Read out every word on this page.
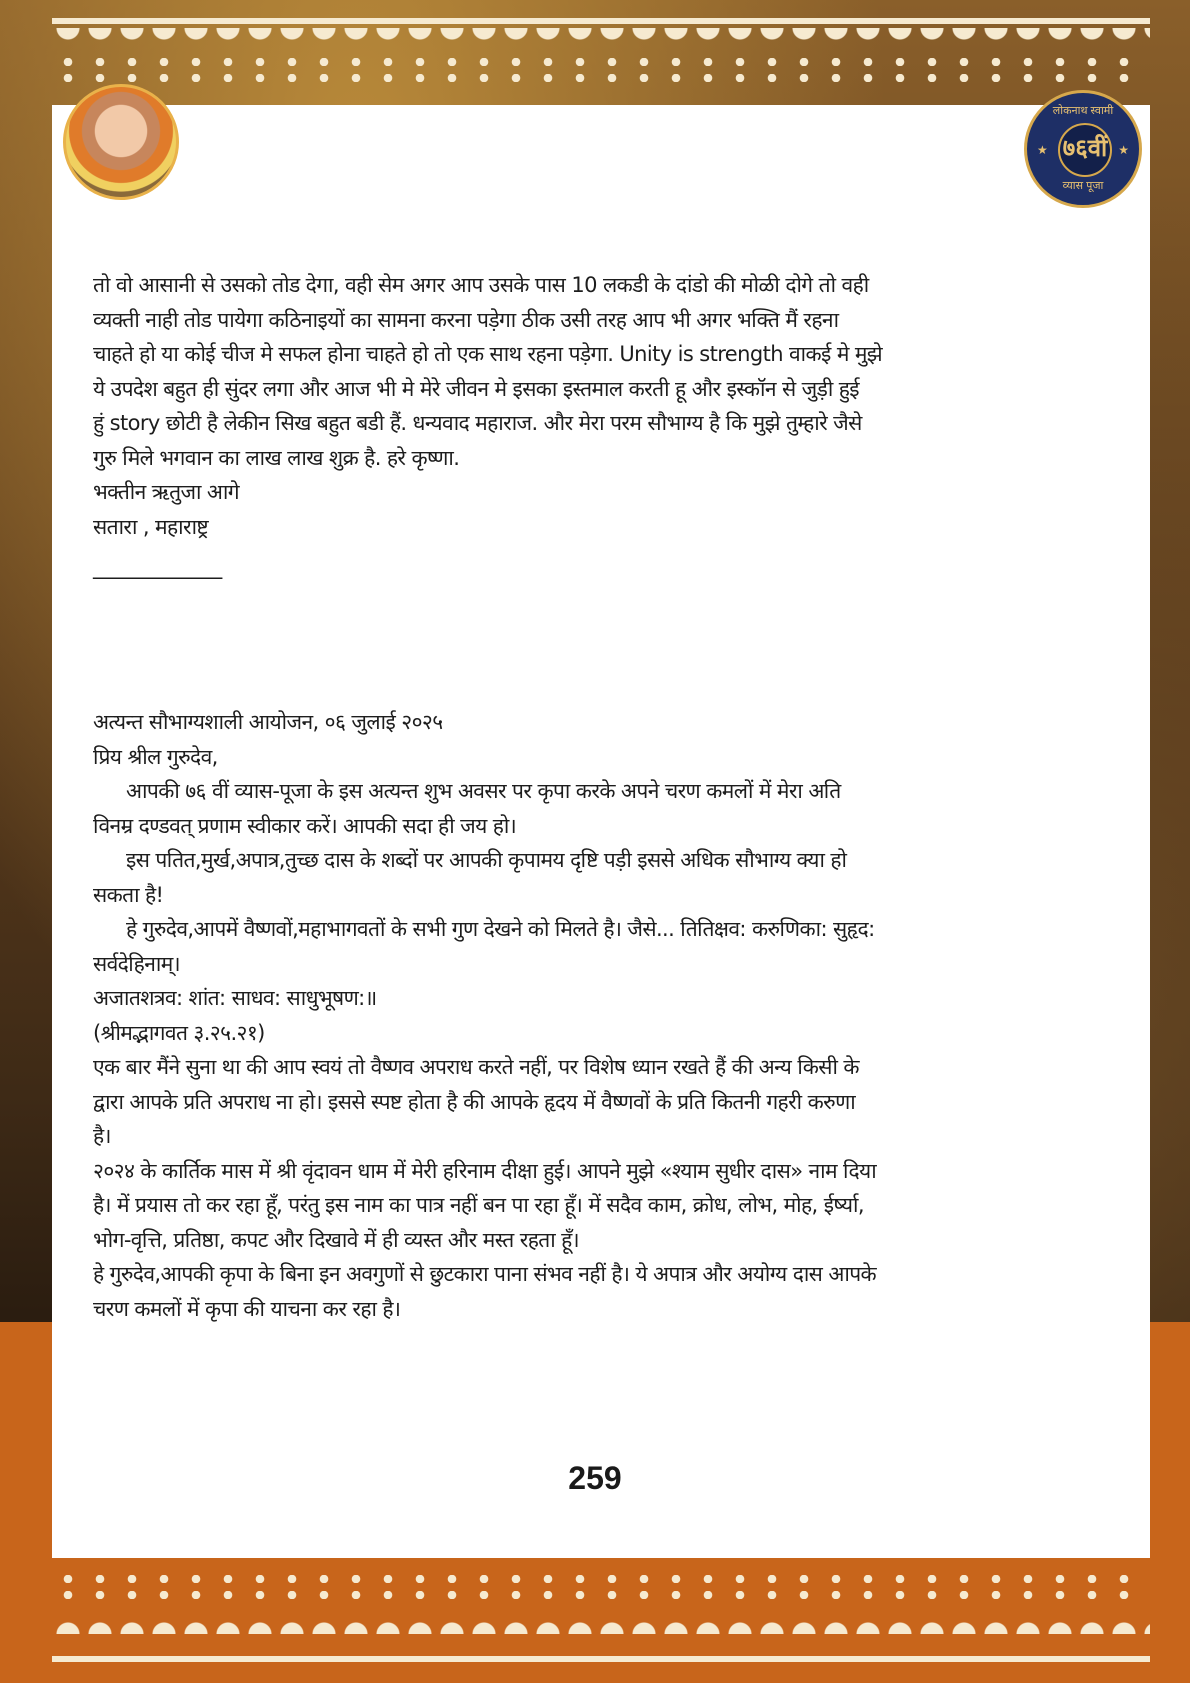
लोकनाथ स्वामी
★ ७६वीं ★
व्यास पूजा
तो वो आसानी से उसको तोड देगा, वही सेम अगर आप उसके पास 10 लकडी के दांडो की मोळी दोगे तो वही
व्यक्ती नाही तोड पायेगा कठिनाइयों का सामना करना पड़ेगा ठीक उसी तरह आप भी अगर भक्ति मैं रहना
चाहते हो या कोई चीज मे सफल होना चाहते हो तो एक साथ रहना पड़ेगा. Unity is strength वाकई मे मुझे
ये उपदेश बहुत ही सुंदर लगा और आज भी मे मेरे जीवन मे इसका इस्तमाल करती हू और इस्कॉन से जुड़ी हुई
हुं story छोटी है लेकीन सिख बहुत बडी हैं. धन्यवाद महाराज. और मेरा परम सौभाग्य है कि मुझे तुम्हारे जैसे
गुरु मिले भगवान का लाख लाख शुक्र है. हरे कृष्णा.
भक्तीन ऋतुजा आगे
सतारा , महाराष्ट्र
_____________
अत्यन्त सौभाग्यशाली आयोजन, ०६ जुलाई २०२५
प्रिय श्रील गुरुदेव,
आपकी ७६ वीं व्यास-पूजा के इस अत्यन्त शुभ अवसर पर कृपा करके अपने चरण कमलों में मेरा अति
विनम्र दण्डवत् प्रणाम स्वीकार करें। आपकी सदा ही जय हो।
इस पतित,मुर्ख,अपात्र,तुच्छ दास के शब्दों पर आपकी कृपामय दृष्टि पड़ी इससे अधिक सौभाग्य क्या हो
सकता है!
हे गुरुदेव,आपमें वैष्णवों,महाभागवतों के सभी गुण देखने को मिलते है। जैसे... तितिक्षव: करुणिका: सुहृद:
सर्वदेहिनाम्।
अजातशत्रव: शांत: साधव: साधुभूषण:॥
(श्रीमद्भागवत ३.२५.२१)
एक बार मैंने सुना था की आप स्वयं तो वैष्णव अपराध करते नहीं, पर विशेष ध्यान रखते हैं की अन्य किसी के
द्वारा आपके प्रति अपराध ना हो। इससे स्पष्ट होता है की आपके हृदय में वैष्णवों के प्रति कितनी गहरी करुणा
है।
२०२४ के कार्तिक मास में श्री वृंदावन धाम में मेरी हरिनाम दीक्षा हुई। आपने मुझे «श्याम सुधीर दास» नाम दिया
है। में प्रयास तो कर रहा हूँ, परंतु इस नाम का पात्र नहीं बन पा रहा हूँ। में सदैव काम, क्रोध, लोभ, मोह, ईर्ष्या,
भोग-वृत्ति, प्रतिष्ठा, कपट और दिखावे में ही व्यस्त और मस्त रहता हूँ।
हे गुरुदेव,आपकी कृपा के बिना इन अवगुणों से छुटकारा पाना संभव नहीं है। ये अपात्र और अयोग्य दास आपके
चरण कमलों में कृपा की याचना कर रहा है।
259
